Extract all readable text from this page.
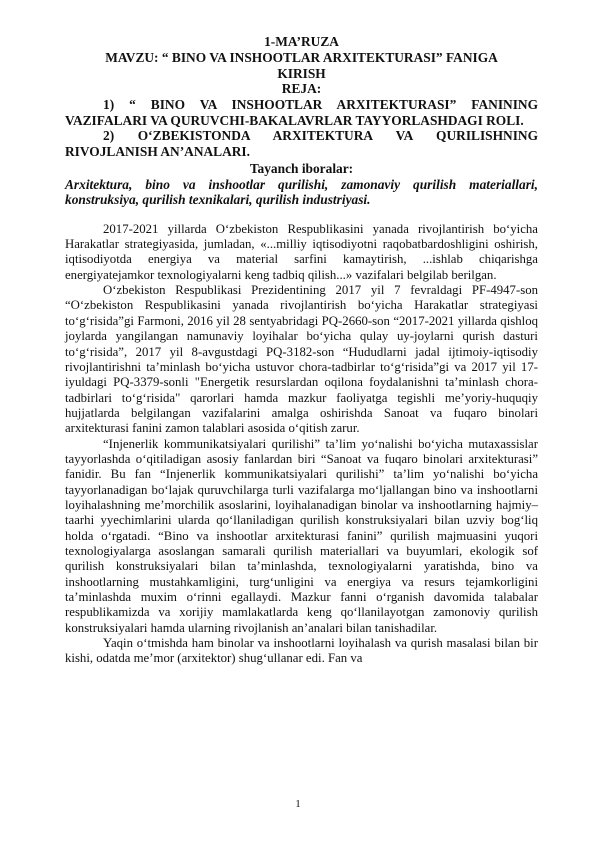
1-MA’RUZA
MAVZU: “ BINO VA INSHOOTLAR ARXITEKTURASI” FANIGA
KIRISH
REJA:

1) “ BINO VA INSHOOTLAR ARXITEKTURASI” FANINING VAZIFALARI VA QURUVCHI-BAKALAVRLAR TAYYORLASHDAGI ROLI.

2) O‘ZBEKISTONDA ARXITEKTURA VA QURILISHNING RIVOJLANISH AN’ANALARI.

Tayanch iboralar:

Arxitektura, bino va inshootlar qurilishi, zamonaviy qurilish materiallari, konstruksiya, qurilish texnikalari, qurilish industriyasi.

2017-2021 yillarda O‘zbekiston Respublikasini yanada rivojlantirish bo‘yicha Harakatlar strategiyasida, jumladan, «...milliy iqtisodiyotni raqobatbardoshligini oshirish, iqtisodiyotda energiya va material sarfini kamaytirish, ...ishlab chiqarishga energiyatejamkor texnologiyalarni keng tadbiq qilish...» vazifalari belgilab berilgan.

O‘zbekiston Respublikasi Prezidentining 2017 yil 7 fevraldagi PF-4947-son “O‘zbekiston Respublikasini yanada rivojlantirish bo‘yicha Harakatlar strategiyasi to‘g‘risida”gi Farmoni, 2016 yil 28 sentyabridagi PQ-2660-son “2017-2021 yillarda qishloq joylarda yangilangan namunaviy loyihalar bo‘yicha qulay uy-joylarni qurish dasturi to‘g‘risida”, 2017 yil 8-avgustdagi PQ-3182-son “Hududlarni jadal ijtimoiy-iqtisodiy rivojlantirishni ta’minlash bo‘yicha ustuvor chora-tadbirlar to‘g‘risida”gi va 2017 yil 17-iyuldagi PQ-3379-sonli "Energetik resurslardan oqilona foydalanishni ta’minlash chora-tadbirlari to‘g‘risida" qarorlari hamda mazkur faoliyatga tegishli me’yoriy-huquqiy hujjatlarda belgilangan vazifalarini amalga oshirishda Sanoat va fuqaro binolari arxitekturasi fanini zamon talablari asosida o‘qitish zarur.

“Injenerlik kommunikatsiyalari qurilishi” ta’lim yo‘nalishi bo‘yicha mutaxassislar tayyorlashda o‘qitiladigan asosiy fanlardan biri “Sanoat va fuqaro binolari arxitekturasi” fanidir. Bu fan “Injenerlik kommunikatsiyalari qurilishi” ta’lim yo‘nalishi bo‘yicha tayyorlanadigan bo‘lajak quruvchilarga turli vazifalarga mo‘ljallangan bino va inshootlarni loyihalashning me’morchilik asoslarini, loyihalanadigan binolar va inshootlarning hajmiy–taarhi yyechimlarini ularda qo‘llaniladigan qurilish konstruksiyalari bilan uzviy bog‘liq holda o‘rgatadi. “Bino va inshootlar arxitekturasi fanini” qurilish majmuasini yuqori texnologiyalarga asoslangan samarali qurilish materiallari va buyumlari, ekologik sof qurilish konstruksiyalari bilan ta’minlashda, texnologiyalarni yaratishda, bino va inshootlarning mustahkamligini, turg‘unligini va energiya va resurs tejamkorligini ta’minlashda muxim o‘rinni egallaydi. Mazkur fanni o‘rganish davomida talabalar respublikamizda va xorijiy mamlakatlarda keng qo‘llanilayotgan zamonoviy qurilish konstruksiyalari hamda ularning rivojlanish an’analari bilan tanishadilar.

Yaqin o‘tmishda ham binolar va inshootlarni loyihalash va qurish masalasi bilan bir kishi, odatda me’mor (arxitektor) shug‘ullanar edi. Fan va

1
